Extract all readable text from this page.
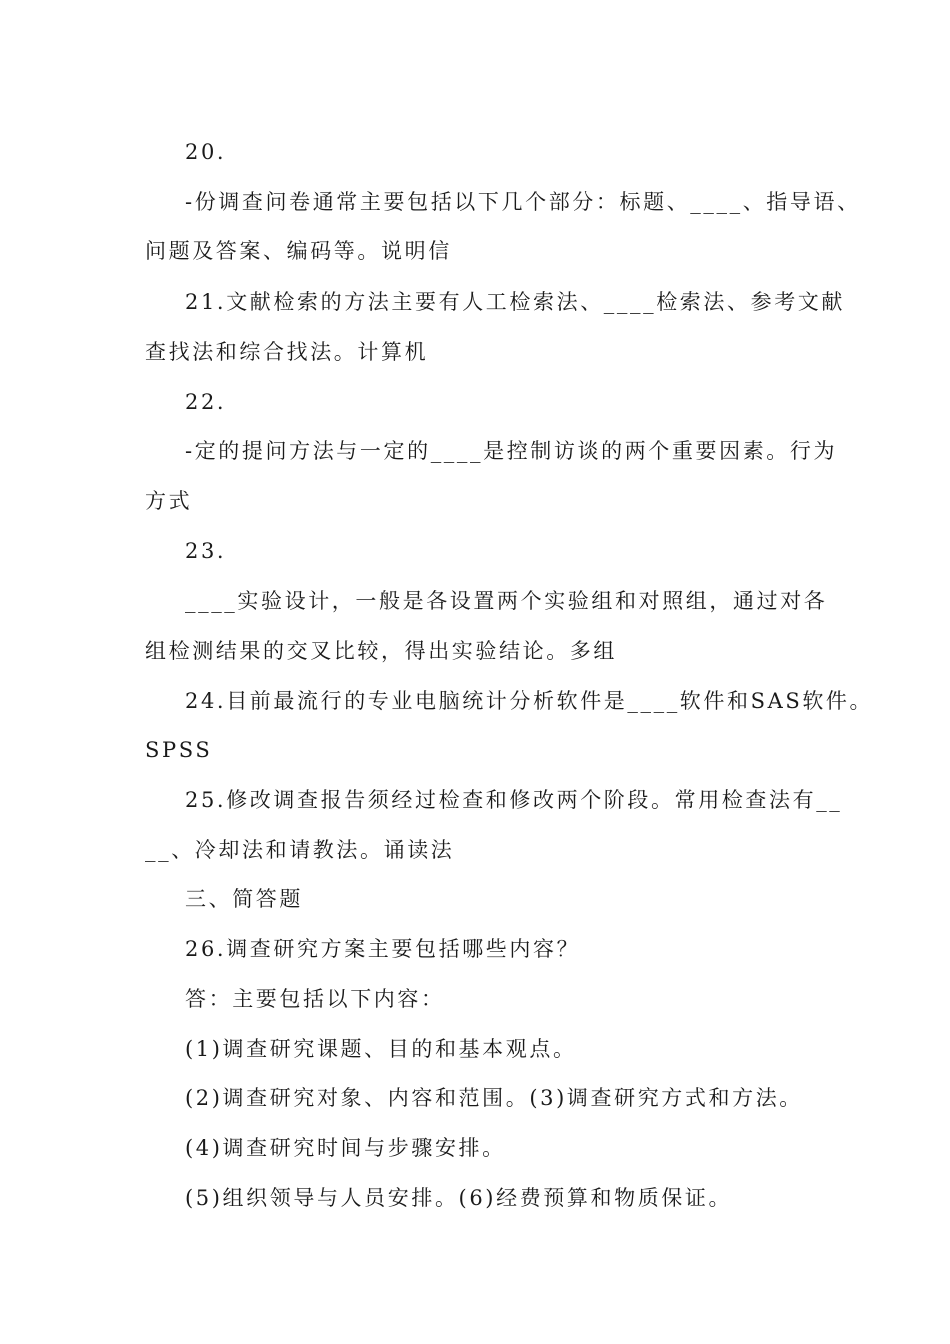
20.
-份调查问卷通常主要包括以下几个部分：标题、____、指导语、
问题及答案、编码等。说明信
21.文献检索的方法主要有人工检索法、____检索法、参考文献
查找法和综合找法。计算机
22.
-定的提问方法与一定的____是控制访谈的两个重要因素。行为
方式
23.
____实验设计，一般是各设置两个实验组和对照组，通过对各
组检测结果的交叉比较，得出实验结论。多组
24.目前最流行的专业电脑统计分析软件是____软件和SAS软件。
SPSS
25.修改调查报告须经过检查和修改两个阶段。常用检查法有__
__、冷却法和请教法。诵读法
三、简答题
26.调查研究方案主要包括哪些内容？
答：主要包括以下内容：
(1)调查研究课题、目的和基本观点。
(2)调查研究对象、内容和范围。(3)调查研究方式和方法。
(4)调查研究时间与步骤安排。
(5)组织领导与人员安排。(6)经费预算和物质保证。
